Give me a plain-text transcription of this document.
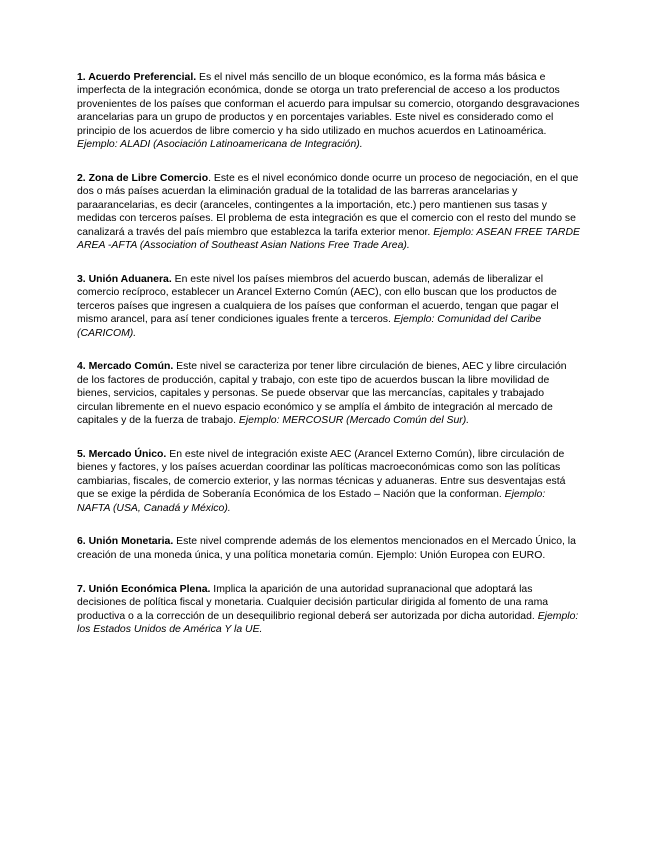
1. Acuerdo Preferencial. Es el nivel más sencillo de un bloque económico, es la forma más básica e imperfecta de la integración económica, donde se otorga un trato preferencial de acceso a los productos provenientes de los países que conforman el acuerdo para impulsar su comercio, otorgando desgravaciones arancelarias para un grupo de productos y en porcentajes variables. Este nivel es considerado como el principio de los acuerdos de libre comercio y ha sido utilizado en muchos acuerdos en Latinoamérica. Ejemplo: ALADI (Asociación Latinoamericana de Integración).

2. Zona de Libre Comercio. Este es el nivel económico donde ocurre un proceso de negociación, en el que dos o más países acuerdan la eliminación gradual de la totalidad de las barreras arancelarias y paraarancelarias, es decir (aranceles, contingentes a la importación, etc.) pero mantienen sus tasas y medidas con terceros países. El problema de esta integración es que el comercio con el resto del mundo se canalizará a través del país miembro que establezca la tarifa exterior menor. Ejemplo: ASEAN FREE TARDE AREA -AFTA (Association of Southeast Asian Nations Free Trade Area).

3. Unión Aduanera. En este nivel los países miembros del acuerdo buscan, además de liberalizar el comercio recíproco, establecer un Arancel Externo Común (AEC), con ello buscan que los productos de terceros países que ingresen a cualquiera de los países que conforman el acuerdo, tengan que pagar el mismo arancel, para así tener condiciones iguales frente a terceros. Ejemplo: Comunidad del Caribe (CARICOM).

4. Mercado Común. Este nivel se caracteriza por tener libre circulación de bienes, AEC y libre circulación de los factores de producción, capital y trabajo, con este tipo de acuerdos buscan la libre movilidad de bienes, servicios, capitales y personas. Se puede observar que las mercancías, capitales y trabajado circulan libremente en el nuevo espacio económico y se amplía el ámbito de integración al mercado de capitales y de la fuerza de trabajo. Ejemplo: MERCOSUR (Mercado Común del Sur).

5. Mercado Único. En este nivel de integración existe AEC (Arancel Externo Común), libre circulación de bienes y factores, y los países acuerdan coordinar las políticas macroeconómicas como son las políticas cambiarias, fiscales, de comercio exterior, y las normas técnicas y aduaneras. Entre sus desventajas está que se exige la pérdida de Soberanía Económica de los Estado – Nación que la conforman. Ejemplo: NAFTA (USA, Canadá y México).

6. Unión Monetaria. Este nivel comprende además de los elementos mencionados en el Mercado Único, la creación de una moneda única, y una política monetaria común. Ejemplo: Unión Europea con EURO.

7. Unión Económica Plena. Implica la aparición de una autoridad supranacional que adoptará las decisiones de política fiscal y monetaria. Cualquier decisión particular dirigida al fomento de una rama productiva o a la corrección de un desequilibrio regional deberá ser autorizada por dicha autoridad. Ejemplo: los Estados Unidos de América Y la UE.
